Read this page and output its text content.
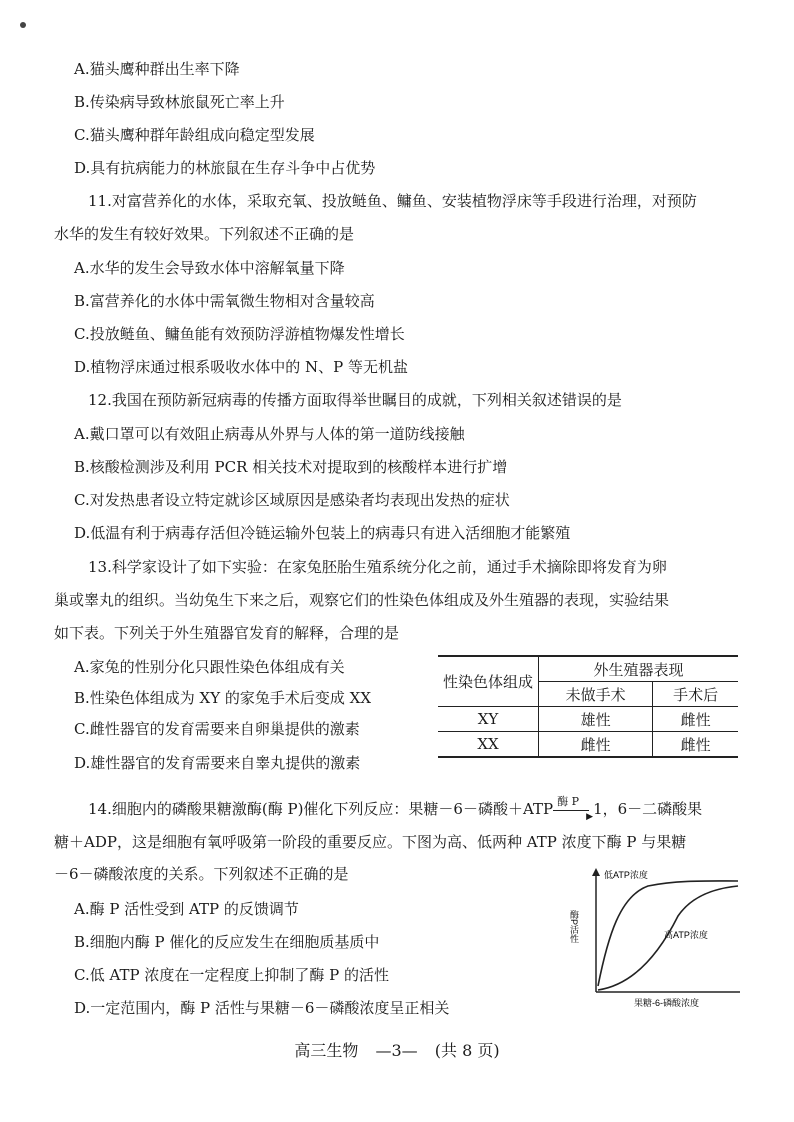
A.猫头鹰种群出生率下降
B.传染病导致林旅鼠死亡率上升
C.猫头鹰种群年龄组成向稳定型发展
D.具有抗病能力的林旅鼠在生存斗争中占优势
11.对富营养化的水体，采取充氧、投放鲢鱼、鳙鱼、安装植物浮床等手段进行治理，对预防
水华的发生有较好效果。下列叙述不正确的是
A.水华的发生会导致水体中溶解氧量下降
B.富营养化的水体中需氧微生物相对含量较高
C.投放鲢鱼、鳙鱼能有效预防浮游植物爆发性增长
D.植物浮床通过根系吸收水体中的 N、P 等无机盐
12.我国在预防新冠病毒的传播方面取得举世瞩目的成就，下列相关叙述错误的是
A.戴口罩可以有效阻止病毒从外界与人体的第一道防线接触
B.核酸检测涉及利用 PCR 相关技术对提取到的核酸样本进行扩增
C.对发热患者设立特定就诊区域原因是感染者均表现出发热的症状
D.低温有利于病毒存活但冷链运输外包装上的病毒只有进入活细胞才能繁殖
13.科学家设计了如下实验：在家兔胚胎生殖系统分化之前，通过手术摘除即将发育为卵
巢或睾丸的组织。当幼兔生下来之后，观察它们的性染色体组成及外生殖器的表现，实验结果
如下表。下列关于外生殖器官发育的解释，合理的是
A.家兔的性别分化只跟性染色体组成有关
B.性染色体组成为 XY 的家兔手术后变成 XX
C.雌性器官的发育需要来自卵巢提供的激素
D.雄性器官的发育需要来自睾丸提供的激素
性染色体组成	外生殖器表现	
	未做手术	手术后
XY	雄性	雌性
XX	雌性	雌性
14.细胞内的磷酸果糖激酶(酶 P)催化下列反应：果糖－6－磷酸＋ATP 酶 P
▶ 1，6－二磷酸果
糖＋ADP，这是细胞有氧呼吸第一阶段的重要反应。下图为高、低两种 ATP 浓度下酶 P 与果糖
－6－磷酸浓度的关系。下列叙述不正确的是
A.酶 P 活性受到 ATP 的反馈调节
B.细胞内酶 P 催化的反应发生在细胞质基质中
C.低 ATP 浓度在一定程度上抑制了酶 P 的活性
D.一定范围内，酶 P 活性与果糖－6－磷酸浓度呈正相关
低ATP浓度
高ATP浓度
酶P活性
果糖-6-磷酸浓度
高三生物 —3— (共 8 页)
